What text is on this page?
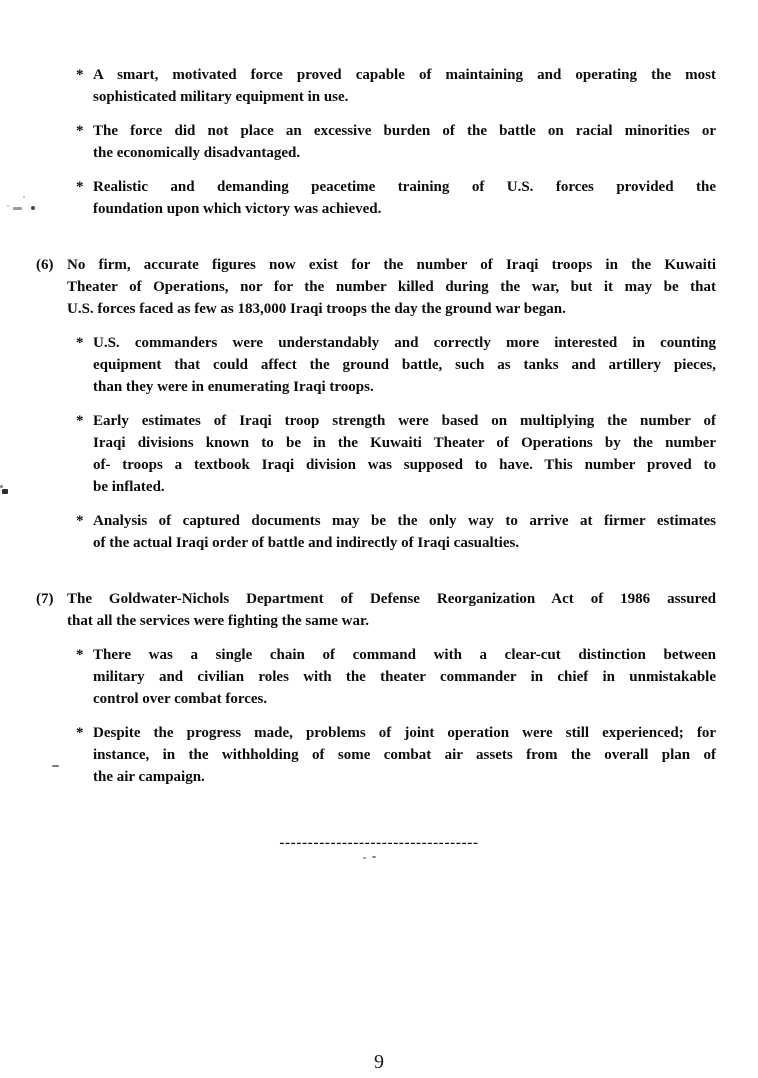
* A smart, motivated force proved capable of maintaining and operating the most
sophisticated military equipment in use.
* The force did not place an excessive burden of the battle on racial minorities or
the economically disadvantaged.
* Realistic and demanding peacetime training of U.S. forces provided the
foundation upon which victory was achieved.
(6) No firm, accurate figures now exist for the number of Iraqi troops in the Kuwaiti
Theater of Operations, nor for the number killed during the war, but it may be that
U.S. forces faced as few as 183,000 Iraqi troops the day the ground war began.
* U.S. commanders were understandably and correctly more interested in counting
equipment that could affect the ground battle, such as tanks and artillery pieces,
than they were in enumerating Iraqi troops.
* Early estimates of Iraqi troop strength were based on multiplying the number of
Iraqi divisions known to be in the Kuwaiti Theater of Operations by the number
of- troops a textbook Iraqi division was supposed to have. This number proved to
be inflated.
* Analysis of captured documents may be the only way to arrive at firmer estimates
of the actual Iraqi order of battle and indirectly of Iraqi casualties.
(7) The Goldwater-Nichols Department of Defense Reorganization Act of 1986 assured
that all the services were fighting the same war.
* There was a single chain of command with a clear-cut distinction between
military and civilian roles with the theater commander in chief in unmistakable
control over combat forces.
* Despite the progress made, problems of joint operation were still experienced; for
instance, in the withholding of some combat air assets from the overall plan of
the air campaign.
-----------------------------------
9
